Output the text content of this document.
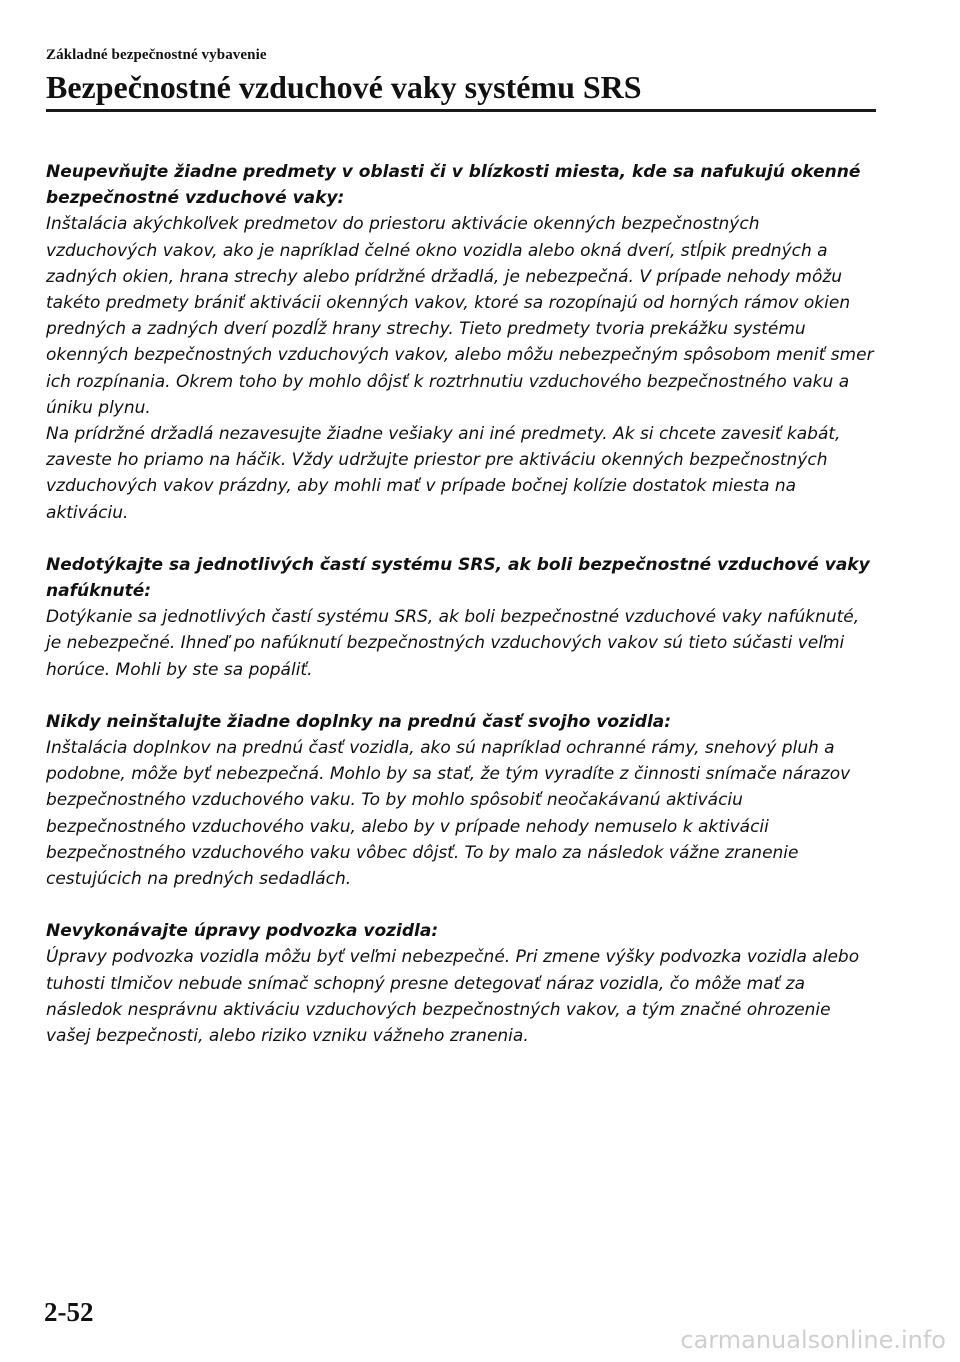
Základné bezpečnostné vybavenie
Bezpečnostné vzduchové vaky systému SRS
Neupevňujte žiadne predmety v oblasti či v blízkosti miesta, kde sa nafukujú okenné bezpečnostné vzduchové vaky:

Inštalácia akýchkoľvek predmetov do priestoru aktivácie okenných bezpečnostných vzduchových vakov, ako je napríklad čelné okno vozidla alebo okná dverí, stĺpik predných a zadných okien, hrana strechy alebo prídržné držadlá, je nebezpečná. V prípade nehody môžu takéto predmety brániť aktivácii okenných vakov, ktoré sa rozopínajú od horných rámov okien predných a zadných dverí pozdĺž hrany strechy. Tieto predmety tvoria prekážku systému okenných bezpečnostných vzduchových vakov, alebo môžu nebezpečným spôsobom meniť smer ich rozpínania. Okrem toho by mohlo dôjsť k roztrhnutiu vzduchového bezpečnostného vaku a úniku plynu.

Na prídržné držadlá nezavesujte žiadne vešiaky ani iné predmety. Ak si chcete zavesiť kabát, zaveste ho priamo na háčik. Vždy udržujte priestor pre aktiváciu okenných bezpečnostných vzduchových vakov prázdny, aby mohli mať v prípade bočnej kolízie dostatok miesta na aktiváciu.

Nedotýkajte sa jednotlivých častí systému SRS, ak boli bezpečnostné vzduchové vaky nafúknuté:

Dotýkanie sa jednotlivých častí systému SRS, ak boli bezpečnostné vzduchové vaky nafúknuté, je nebezpečné. Ihneď po nafúknutí bezpečnostných vzduchových vakov sú tieto súčasti veľmi horúce. Mohli by ste sa popáliť.

Nikdy neinštalujte žiadne doplnky na prednú časť svojho vozidla:

Inštalácia doplnkov na prednú časť vozidla, ako sú napríklad ochranné rámy, snehový pluh a podobne, môže byť nebezpečná. Mohlo by sa stať, že tým vyradíte z činnosti snímače nárazov bezpečnostného vzduchového vaku. To by mohlo spôsobiť neočakávanú aktiváciu bezpečnostného vzduchového vaku, alebo by v prípade nehody nemuselo k aktivácii bezpečnostného vzduchového vaku vôbec dôjsť. To by malo za následok vážne zranenie cestujúcich na predných sedadlách.

Nevykonávajte úpravy podvozka vozidla:

Úpravy podvozka vozidla môžu byť veľmi nebezpečné. Pri zmene výšky podvozka vozidla alebo tuhosti tlmičov nebude snímač schopný presne detegovať náraz vozidla, čo môže mať za následok nesprávnu aktiváciu vzduchových bezpečnostných vakov, a tým značné ohrozenie vašej bezpečnosti, alebo riziko vzniku vážneho zranenia.

2-52
carmanualsonline.info
